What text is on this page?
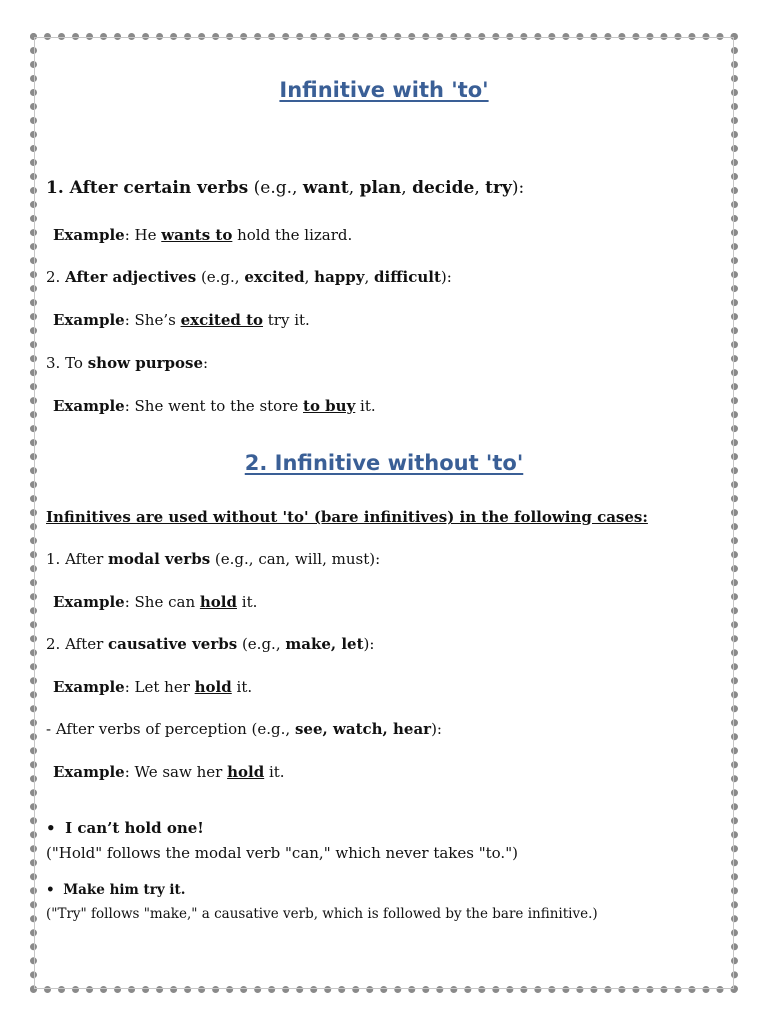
Infinitive with 'to'
1. After certain verbs (e.g., want, plan, decide, try):
Example: He wants to hold the lizard.
2. After adjectives (e.g., excited, happy, difficult):
Example: She’s excited to try it.
3. To show purpose:
Example: She went to the store to buy it.
2. Infinitive without 'to'
Infinitives are used without 'to' (bare infinitives) in the following cases:
1. After modal verbs (e.g., can, will, must):
Example: She can hold it.
2. After causative verbs (e.g., make, let):
Example: Let her hold it.
- After verbs of perception (e.g., see, watch, hear):
Example: We saw her hold it.
• I can’t hold one!
("Hold" follows the modal verb "can," which never takes "to.")
• Make him try it.
("Try" follows "make," a causative verb, which is followed by the bare infinitive.)
